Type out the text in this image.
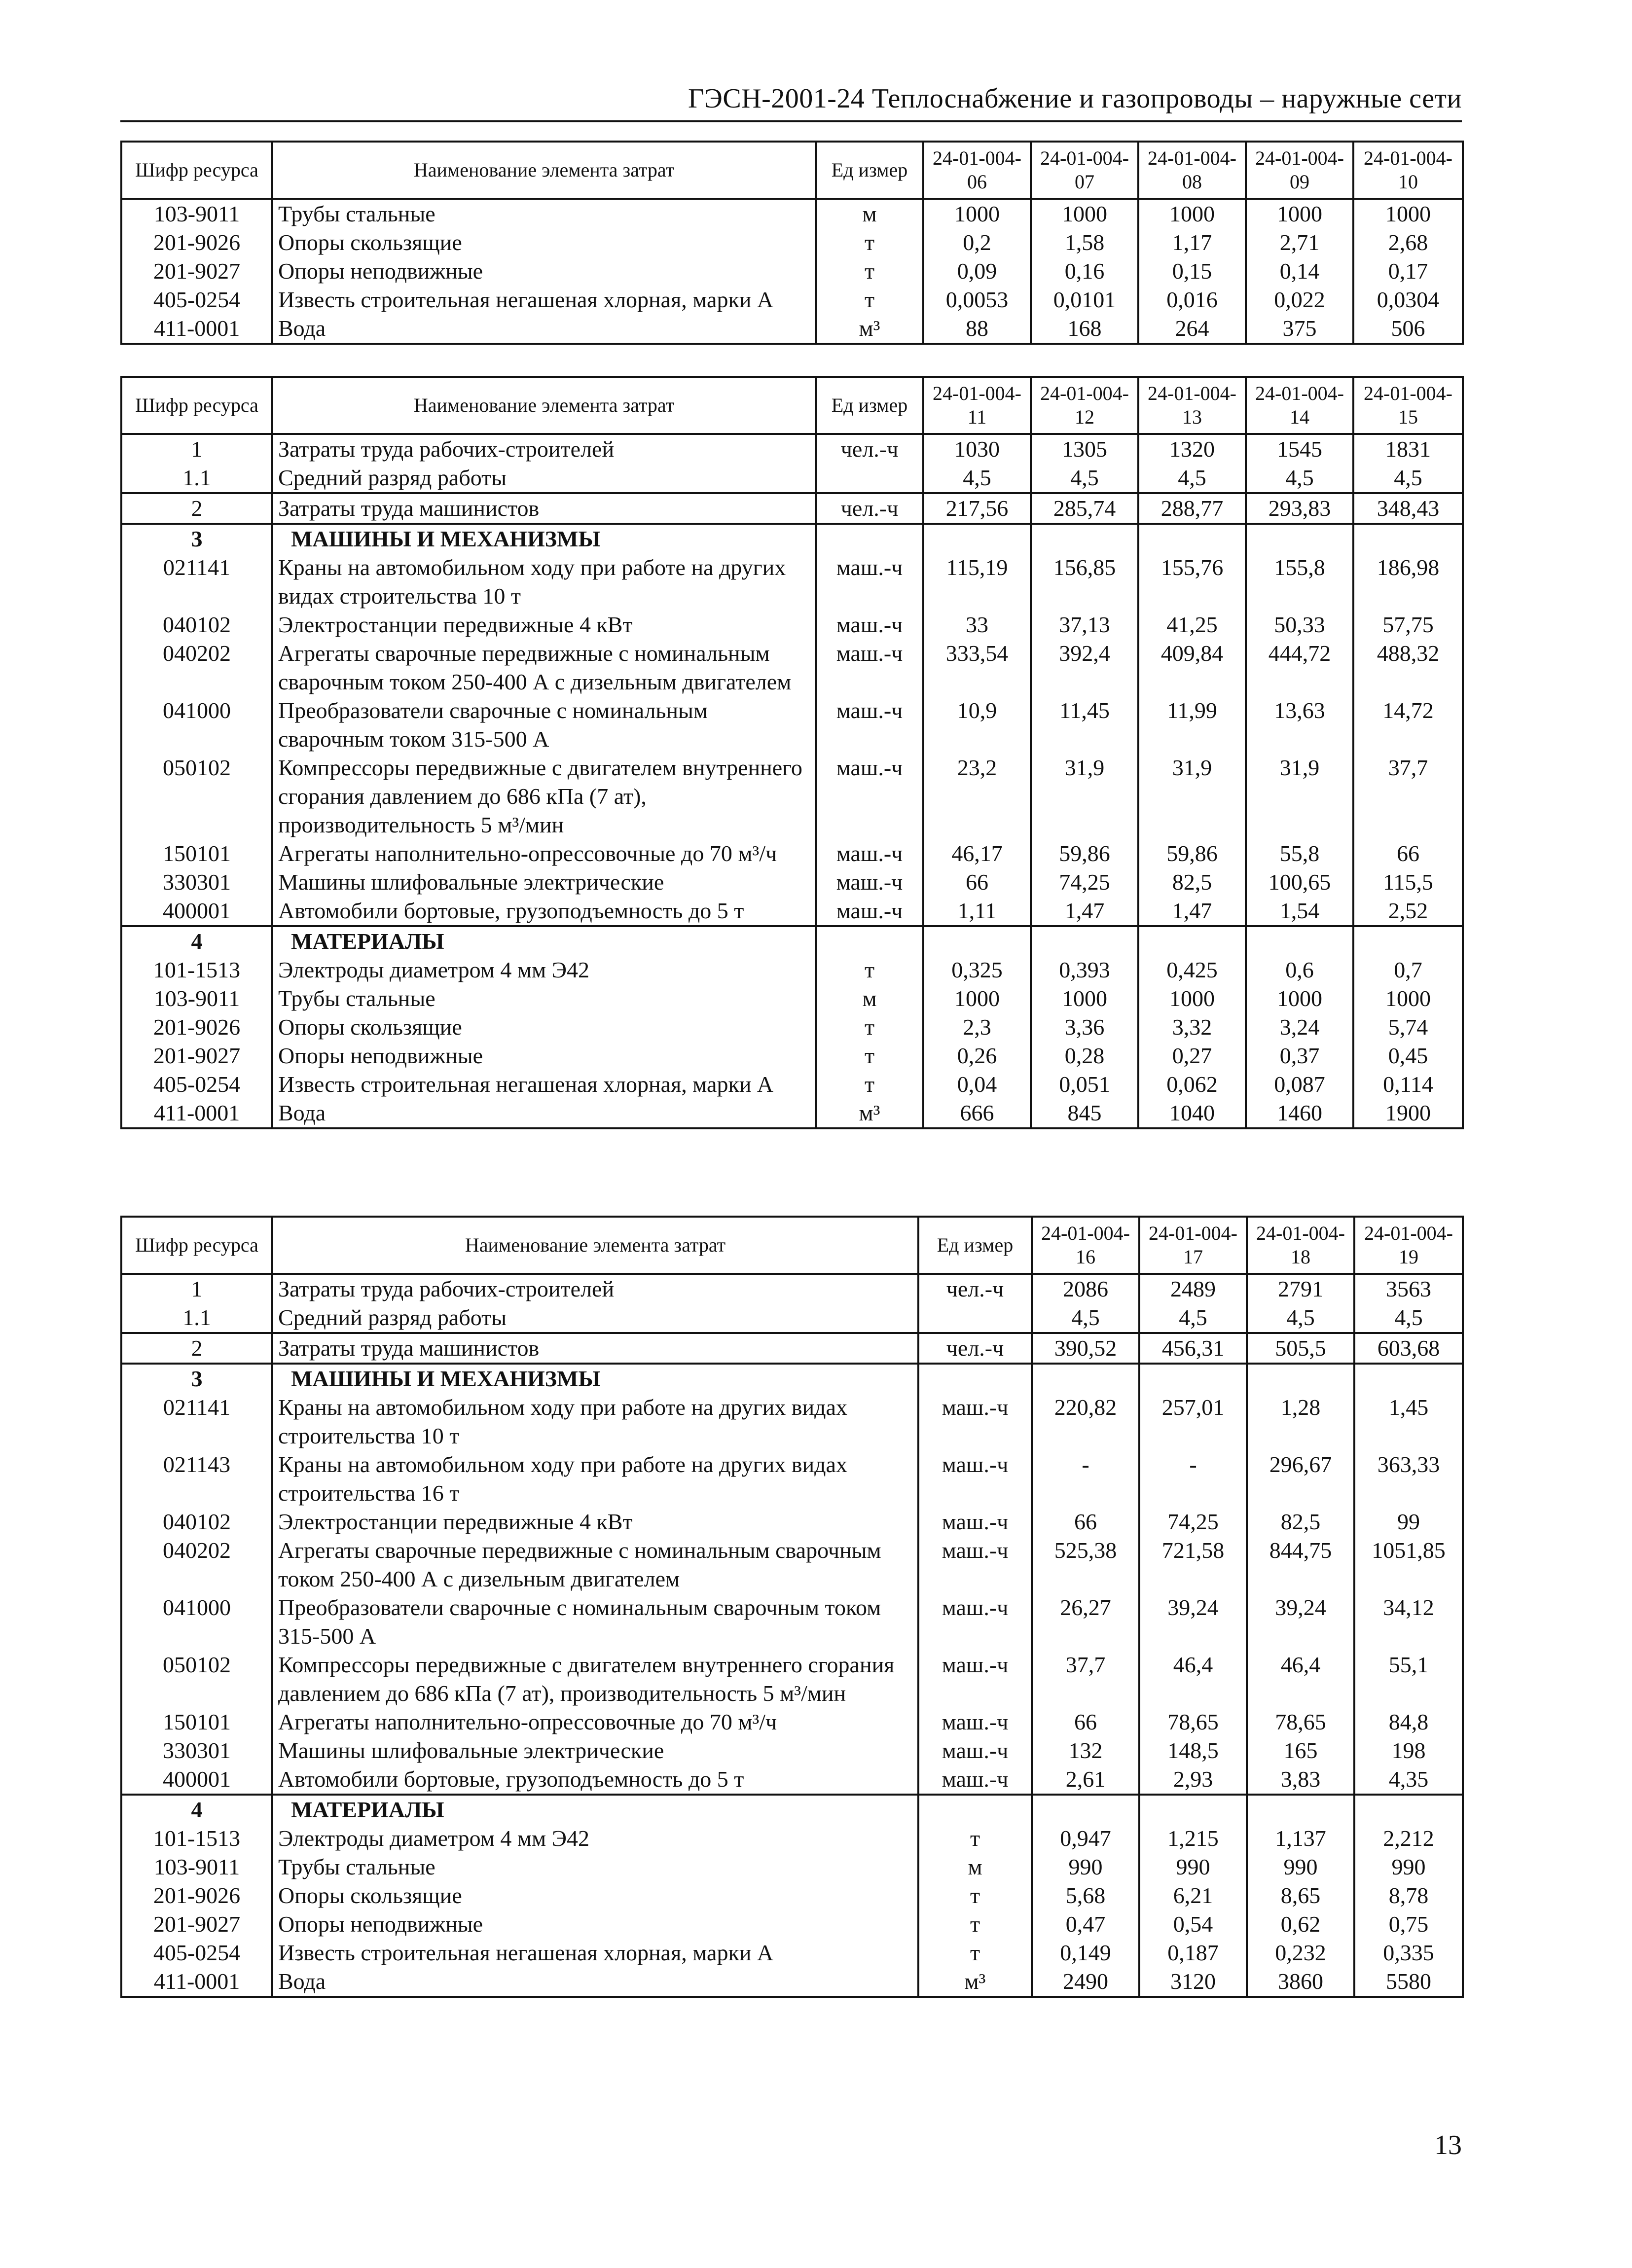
ГЭСН-2001-24 Теплоснабжение и газопроводы – наружные сети
Шифр ресурса	Наименование элемента затрат	Ед измер	24-01-004-06	24-01-004-07	24-01-004-08	24-01-004-09	24-01-004-10
103-9011	Трубы стальные	м	1000	1000	1000	1000	1000
201-9026	Опоры скользящие	т	0,2	1,58	1,17	2,71	2,68
201-9027	Опоры неподвижные	т	0,09	0,16	0,15	0,14	0,17
405-0254	Известь строительная негашеная хлорная, марки А	т	0,0053	0,0101	0,016	0,022	0,0304
411-0001	Вода	м³	88	168	264	375	506
Шифр ресурса	Наименование элемента затрат	Ед измер	24-01-004-11	24-01-004-12	24-01-004-13	24-01-004-14	24-01-004-15
1	Затраты труда рабочих-строителей	чел.-ч	1030	1305	1320	1545	1831
1.1	Средний разряд работы		4,5	4,5	4,5	4,5	4,5
2	Затраты труда машинистов	чел.-ч	217,56	285,74	288,77	293,83	348,43
3	МАШИНЫ И МЕХАНИЗМЫ						
021141	Краны на автомобильном ходу при работе на других видах строительства 10 т	маш.-ч	115,19	156,85	155,76	155,8	186,98
040102	Электростанции передвижные 4 кВт	маш.-ч	33	37,13	41,25	50,33	57,75
040202	Агрегаты сварочные передвижные с номинальным сварочным током 250-400 А с дизельным двигателем	маш.-ч	333,54	392,4	409,84	444,72	488,32
041000	Преобразователи сварочные с номинальным сварочным током 315-500 А	маш.-ч	10,9	11,45	11,99	13,63	14,72
050102	Компрессоры передвижные с двигателем внутреннего сгорания давлением до 686 кПа (7 ат), производительность 5 м³/мин	маш.-ч	23,2	31,9	31,9	31,9	37,7
150101	Агрегаты наполнительно-опрессовочные до 70 м³/ч	маш.-ч	46,17	59,86	59,86	55,8	66
330301	Машины шлифовальные электрические	маш.-ч	66	74,25	82,5	100,65	115,5
400001	Автомобили бортовые, грузоподъемность до 5 т	маш.-ч	1,11	1,47	1,47	1,54	2,52
4	МАТЕРИАЛЫ						
101-1513	Электроды диаметром 4 мм Э42	т	0,325	0,393	0,425	0,6	0,7
103-9011	Трубы стальные	м	1000	1000	1000	1000	1000
201-9026	Опоры скользящие	т	2,3	3,36	3,32	3,24	5,74
201-9027	Опоры неподвижные	т	0,26	0,28	0,27	0,37	0,45
405-0254	Известь строительная негашеная хлорная, марки А	т	0,04	0,051	0,062	0,087	0,114
411-0001	Вода	м³	666	845	1040	1460	1900
Шифр ресурса	Наименование элемента затрат	Ед измер	24-01-004-16	24-01-004-17	24-01-004-18	24-01-004-19
1	Затраты труда рабочих-строителей	чел.-ч	2086	2489	2791	3563
1.1	Средний разряд работы		4,5	4,5	4,5	4,5
2	Затраты труда машинистов	чел.-ч	390,52	456,31	505,5	603,68
3	МАШИНЫ И МЕХАНИЗМЫ					
021141	Краны на автомобильном ходу при работе на других видах строительства 10 т	маш.-ч	220,82	257,01	1,28	1,45
021143	Краны на автомобильном ходу при работе на других видах строительства 16 т	маш.-ч	-	-	296,67	363,33
040102	Электростанции передвижные 4 кВт	маш.-ч	66	74,25	82,5	99
040202	Агрегаты сварочные передвижные с номинальным сварочным током 250-400 А с дизельным двигателем	маш.-ч	525,38	721,58	844,75	1051,85
041000	Преобразователи сварочные с номинальным сварочным током 315-500 А	маш.-ч	26,27	39,24	39,24	34,12
050102	Компрессоры передвижные с двигателем внутреннего сгорания давлением до 686 кПа (7 ат), производительность 5 м³/мин	маш.-ч	37,7	46,4	46,4	55,1
150101	Агрегаты наполнительно-опрессовочные до 70 м³/ч	маш.-ч	66	78,65	78,65	84,8
330301	Машины шлифовальные электрические	маш.-ч	132	148,5	165	198
400001	Автомобили бортовые, грузоподъемность до 5 т	маш.-ч	2,61	2,93	3,83	4,35
4	МАТЕРИАЛЫ					
101-1513	Электроды диаметром 4 мм Э42	т	0,947	1,215	1,137	2,212
103-9011	Трубы стальные	м	990	990	990	990
201-9026	Опоры скользящие	т	5,68	6,21	8,65	8,78
201-9027	Опоры неподвижные	т	0,47	0,54	0,62	0,75
405-0254	Известь строительная негашеная хлорная, марки А	т	0,149	0,187	0,232	0,335
411-0001	Вода	м³	2490	3120	3860	5580
13
